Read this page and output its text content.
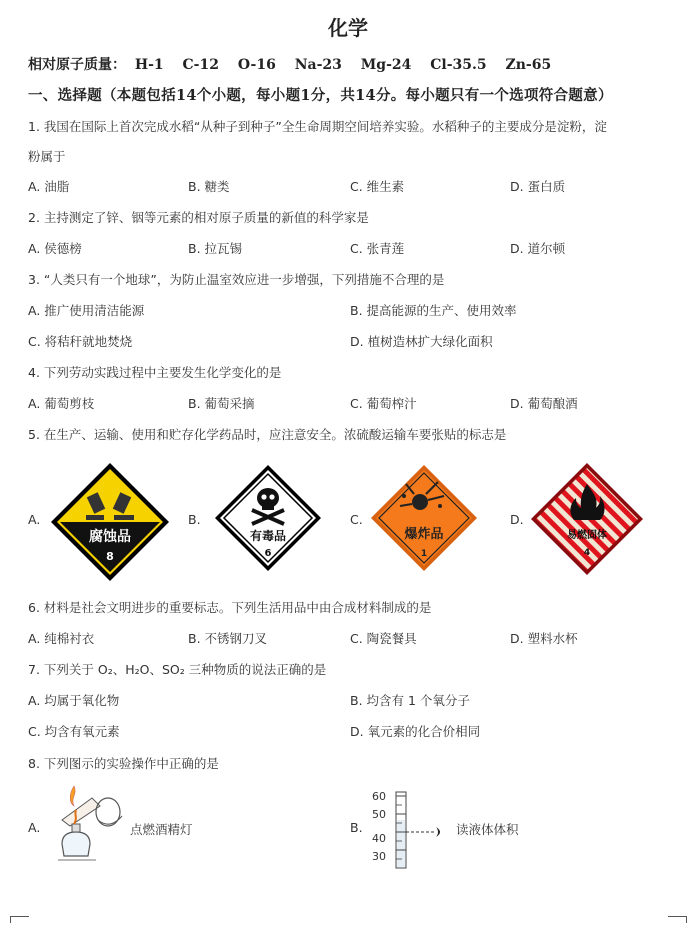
化学
相对原子质量： H-1 C-12 O-16 Na-23 Mg-24 Cl-35.5 Zn-65
一、选择题（本题包括14个小题，每小题1分，共14分。每小题只有一个选项符合题意）
1. 我国在国际上首次完成水稻“从种子到种子”全生命周期空间培养实验。水稻种子的主要成分是淀粉，淀
粉属于
A. 油脂	B. 糖类	C. 维生素	D. 蛋白质
2. 主持测定了锌、铟等元素的相对原子质量的新值的科学家是
A. 侯德榜	B. 拉瓦锡	C. 张青莲	D. 道尔顿
3. “人类只有一个地球”，为防止温室效应进一步增强，下列措施不合理的是
A. 推广使用清洁能源	B. 提高能源的生产、使用效率
C. 将秸秆就地焚烧	D. 植树造林扩大绿化面积
4. 下列劳动实践过程中主要发生化学变化的是
A. 葡萄剪枝	B. 葡萄采摘	C. 葡萄榨汁	D. 葡萄酿酒
5. 在生产、运输、使用和贮存化学药品时，应注意安全。浓硫酸运输车要张贴的标志是
A.
腐蚀品
8
B.
有毒品
6
C.
爆炸品
1
D.
易燃固体
4
6. 材料是社会文明进步的重要标志。下列生活用品中由合成材料制成的是
A. 纯棉衬衣	B. 不锈钢刀叉	C. 陶瓷餐具	D. 塑料水杯
7. 下列关于 O₂、H₂O、SO₂ 三种物质的说法正确的是
A. 均属于氧化物	B. 均含有 1 个氧分子
C. 均含有氧元素	D. 氧元素的化合价相同
8. 下列图示的实验操作中正确的是
A.	点燃酒精灯	B.
60
50
40
30
读液体体积
